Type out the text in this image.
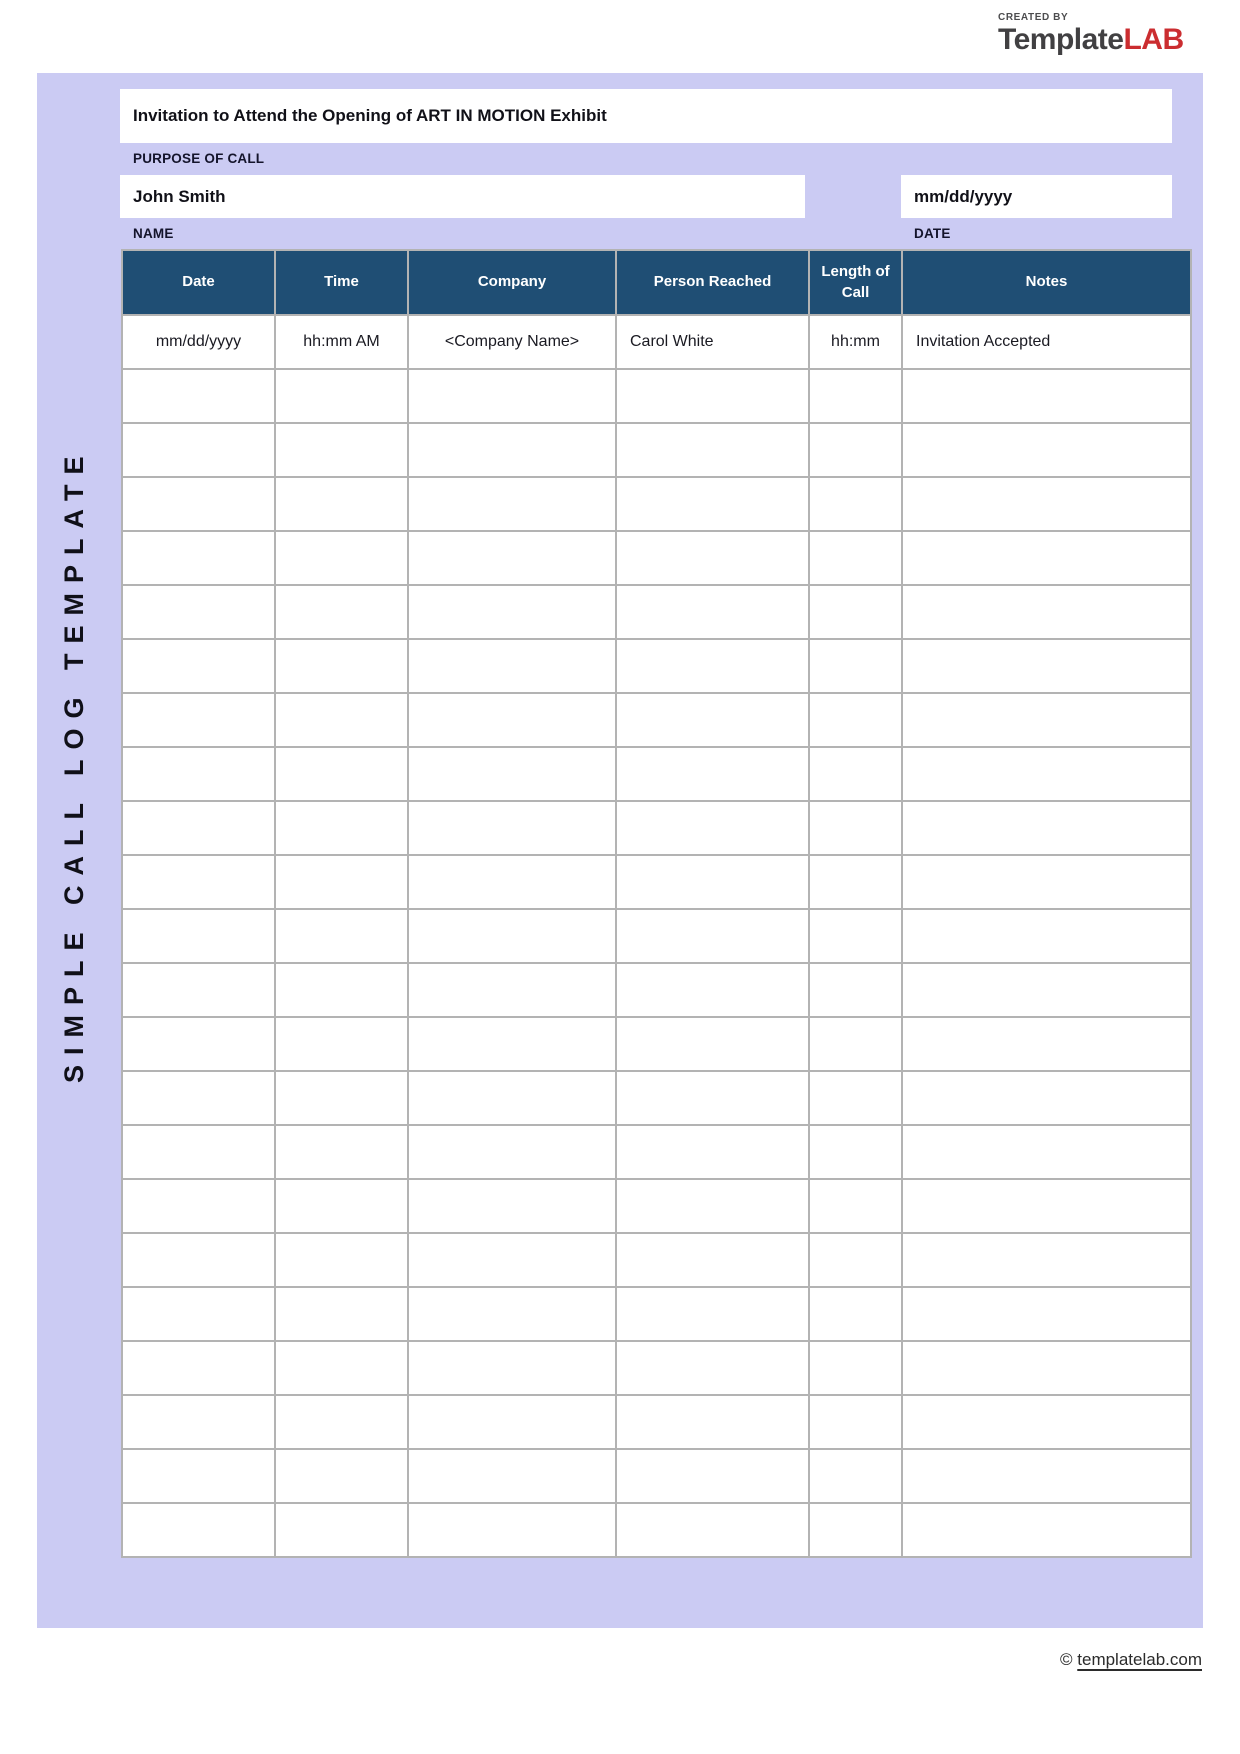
CREATED BY
TemplateLAB
SIMPLE CALL LOG TEMPLATE
Invitation to Attend the Opening of ART IN MOTION Exhibit
PURPOSE OF CALL
John Smith
NAME
mm/dd/yyyy
DATE
Date	Time	Company	Person Reached	Length of Call	Notes
mm/dd/yyyy	hh:mm AM	<Company Name>	Carol White	hh:mm	Invitation Accepted

© templatelab.com
